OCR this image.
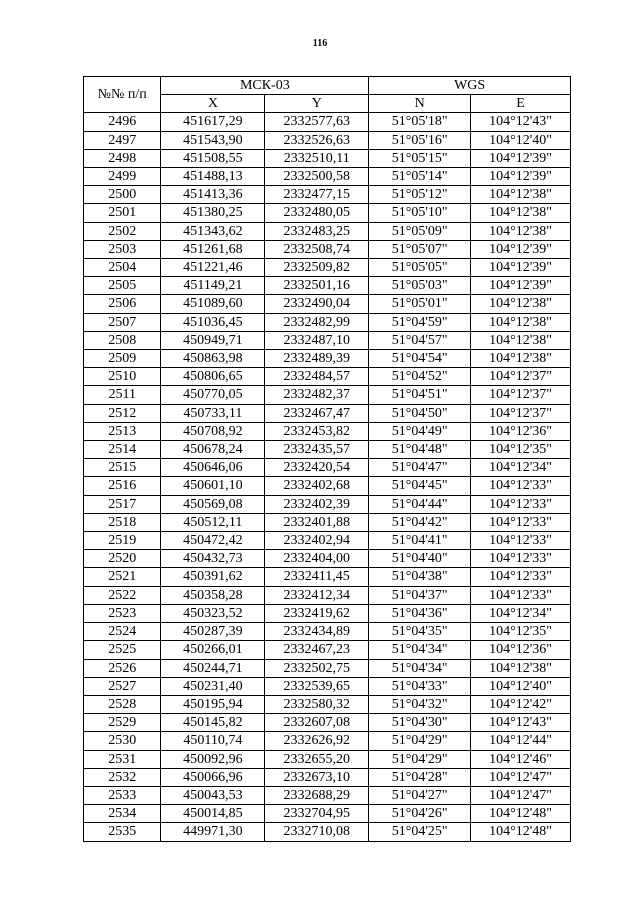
116
№№ п/п	МСК-03		WGS	
	X	Y	N	E
2496	451617,29	2332577,63	51°05'18"	104°12'43"
2497	451543,90	2332526,63	51°05'16"	104°12'40"
2498	451508,55	2332510,11	51°05'15"	104°12'39"
2499	451488,13	2332500,58	51°05'14"	104°12'39"
2500	451413,36	2332477,15	51°05'12"	104°12'38"
2501	451380,25	2332480,05	51°05'10"	104°12'38"
2502	451343,62	2332483,25	51°05'09"	104°12'38"
2503	451261,68	2332508,74	51°05'07"	104°12'39"
2504	451221,46	2332509,82	51°05'05"	104°12'39"
2505	451149,21	2332501,16	51°05'03"	104°12'39"
2506	451089,60	2332490,04	51°05'01"	104°12'38"
2507	451036,45	2332482,99	51°04'59"	104°12'38"
2508	450949,71	2332487,10	51°04'57"	104°12'38"
2509	450863,98	2332489,39	51°04'54"	104°12'38"
2510	450806,65	2332484,57	51°04'52"	104°12'37"
2511	450770,05	2332482,37	51°04'51"	104°12'37"
2512	450733,11	2332467,47	51°04'50"	104°12'37"
2513	450708,92	2332453,82	51°04'49"	104°12'36"
2514	450678,24	2332435,57	51°04'48"	104°12'35"
2515	450646,06	2332420,54	51°04'47"	104°12'34"
2516	450601,10	2332402,68	51°04'45"	104°12'33"
2517	450569,08	2332402,39	51°04'44"	104°12'33"
2518	450512,11	2332401,88	51°04'42"	104°12'33"
2519	450472,42	2332402,94	51°04'41"	104°12'33"
2520	450432,73	2332404,00	51°04'40"	104°12'33"
2521	450391,62	2332411,45	51°04'38"	104°12'33"
2522	450358,28	2332412,34	51°04'37"	104°12'33"
2523	450323,52	2332419,62	51°04'36"	104°12'34"
2524	450287,39	2332434,89	51°04'35"	104°12'35"
2525	450266,01	2332467,23	51°04'34"	104°12'36"
2526	450244,71	2332502,75	51°04'34"	104°12'38"
2527	450231,40	2332539,65	51°04'33"	104°12'40"
2528	450195,94	2332580,32	51°04'32"	104°12'42"
2529	450145,82	2332607,08	51°04'30"	104°12'43"
2530	450110,74	2332626,92	51°04'29"	104°12'44"
2531	450092,96	2332655,20	51°04'29"	104°12'46"
2532	450066,96	2332673,10	51°04'28"	104°12'47"
2533	450043,53	2332688,29	51°04'27"	104°12'47"
2534	450014,85	2332704,95	51°04'26"	104°12'48"
2535	449971,30	2332710,08	51°04'25"	104°12'48"
